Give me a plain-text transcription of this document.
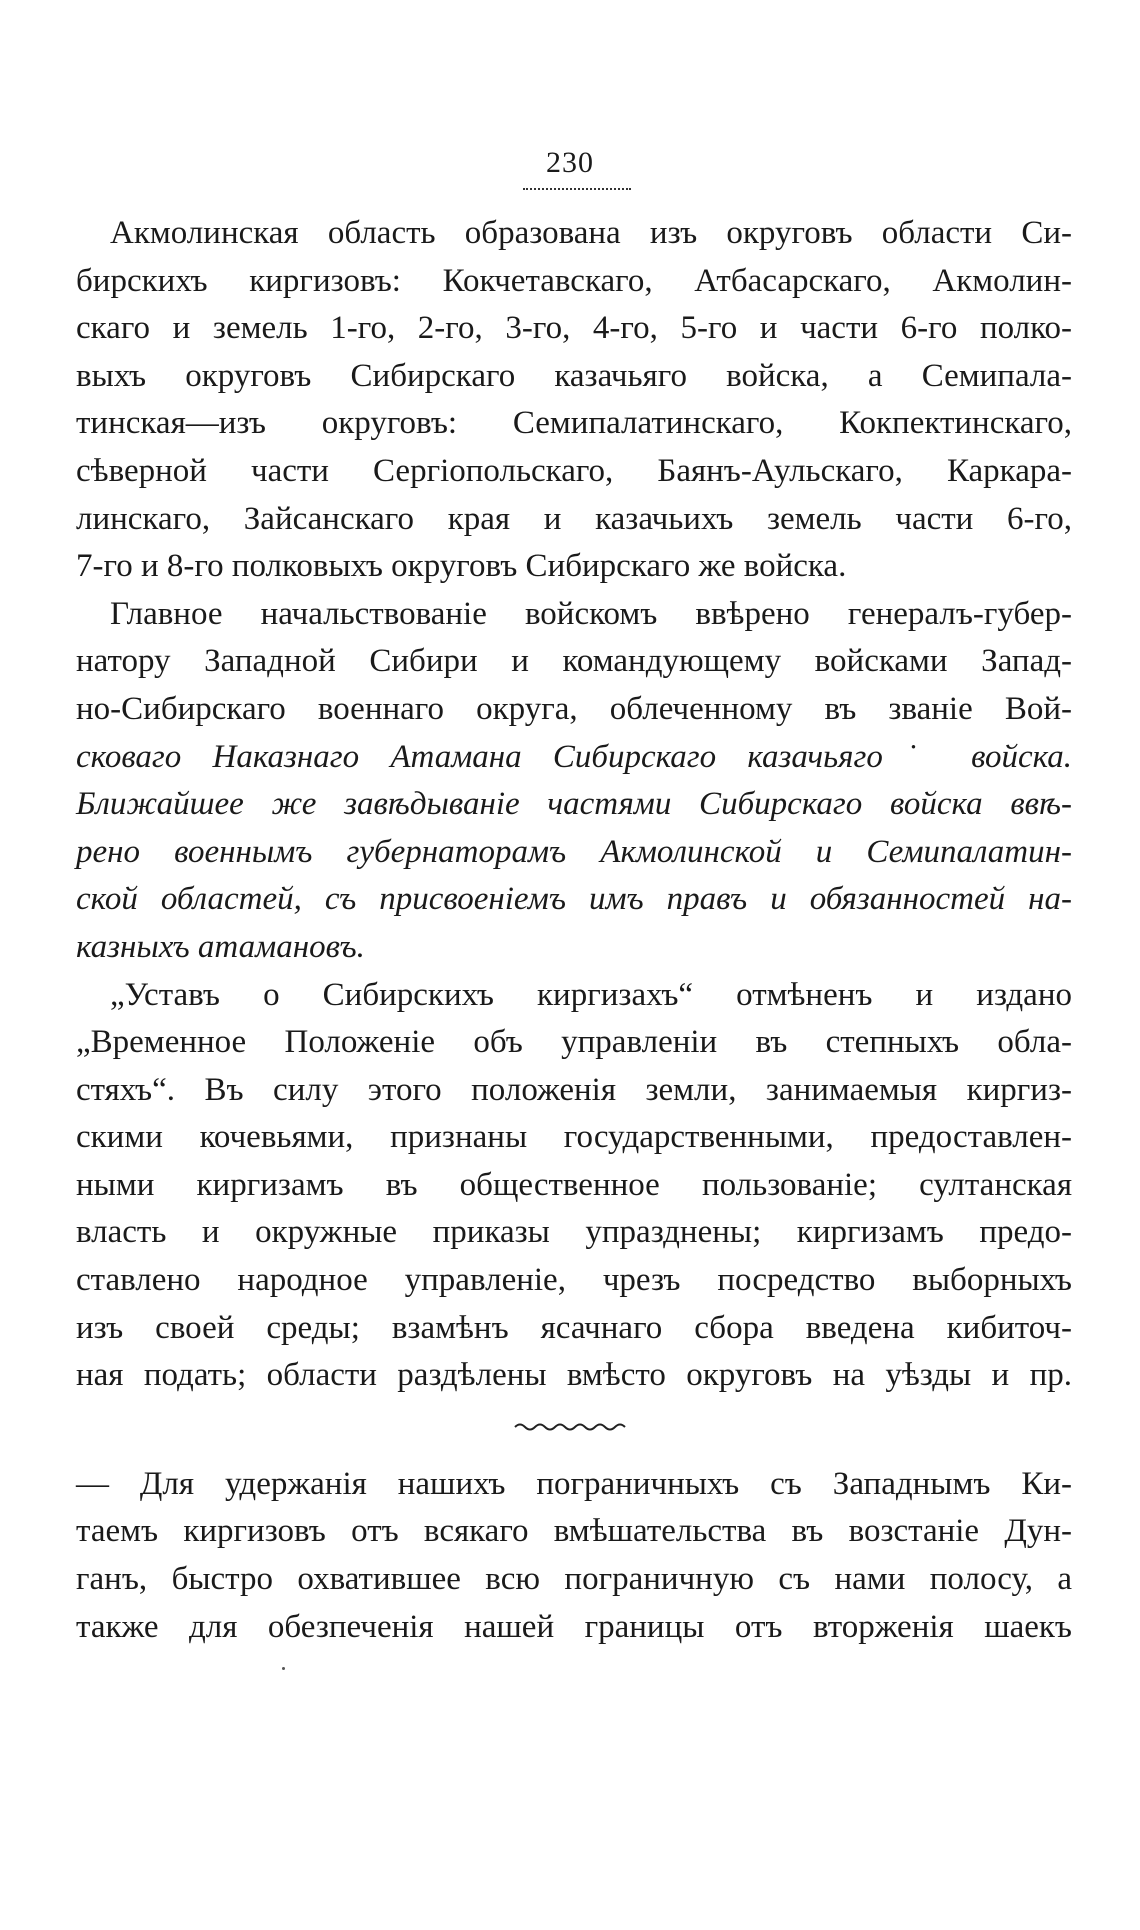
230
Акмолинская область образована изъ округовъ области Си-
бирскихъ киргизовъ: Кокчетавскаго, Атбасарскаго, Акмолин-
скаго и земель 1-го, 2-го, 3-го, 4-го, 5-го и части 6-го полко-
выхъ округовъ Сибирскаго казачьяго войска, а Семипала-
тинская—изъ округовъ: Семипалатинскаго, Кокпектинскаго,
сѣверной части Сергіопольскаго, Баянъ-Аульскаго, Каркара-
линскаго, Зайсанскаго края и казачьихъ земель части 6-го,
7-го и 8-го полковыхъ округовъ Сибирскаго же войска.
Главное начальствованіе войскомъ ввѣрено генералъ-губер-
натору Западной Сибири и командующему войсками Запад-
но-Сибирскаго военнаго округа, облеченному въ званіе Вой-
сковаго Наказнаго Атамана Сибирскаго казачьяго˙ войска.
Ближайшее же завѣдываніе частями Сибирскаго войска ввѣ-
рено военнымъ губернаторамъ Акмолинской и Семипалатин-
ской областей, съ присвоеніемъ имъ правъ и обязанностей на-
казныхъ атамановъ.
„Уставъ о Сибирскихъ киргизахъ“ отмѣненъ и издано
„Временное Положеніе объ управленіи въ степныхъ обла-
стяхъ“. Въ силу этого положенія земли, занимаемыя киргиз-
скими кочевьями, признаны государственными, предоставлен-
ными киргизамъ въ общественное пользованіе; султанская
власть и окружные приказы упразднены; киргизамъ предо-
ставлено народное управленіе, чрезъ посредство выборныхъ
изъ своей среды; взамѣнъ ясачнаго сбора введена кибиточ-
ная подать; области раздѣлены вмѣсто округовъ на уѣзды и пр.
— Для удержанія нашихъ пограничныхъ съ Западнымъ Ки-
таемъ киргизовъ отъ всякаго вмѣшательства въ возстаніе Дун-
ганъ, быстро охватившее всю пограничную съ нами полосу, а
также для обезпеченія нашей границы отъ вторженія шаекъ
